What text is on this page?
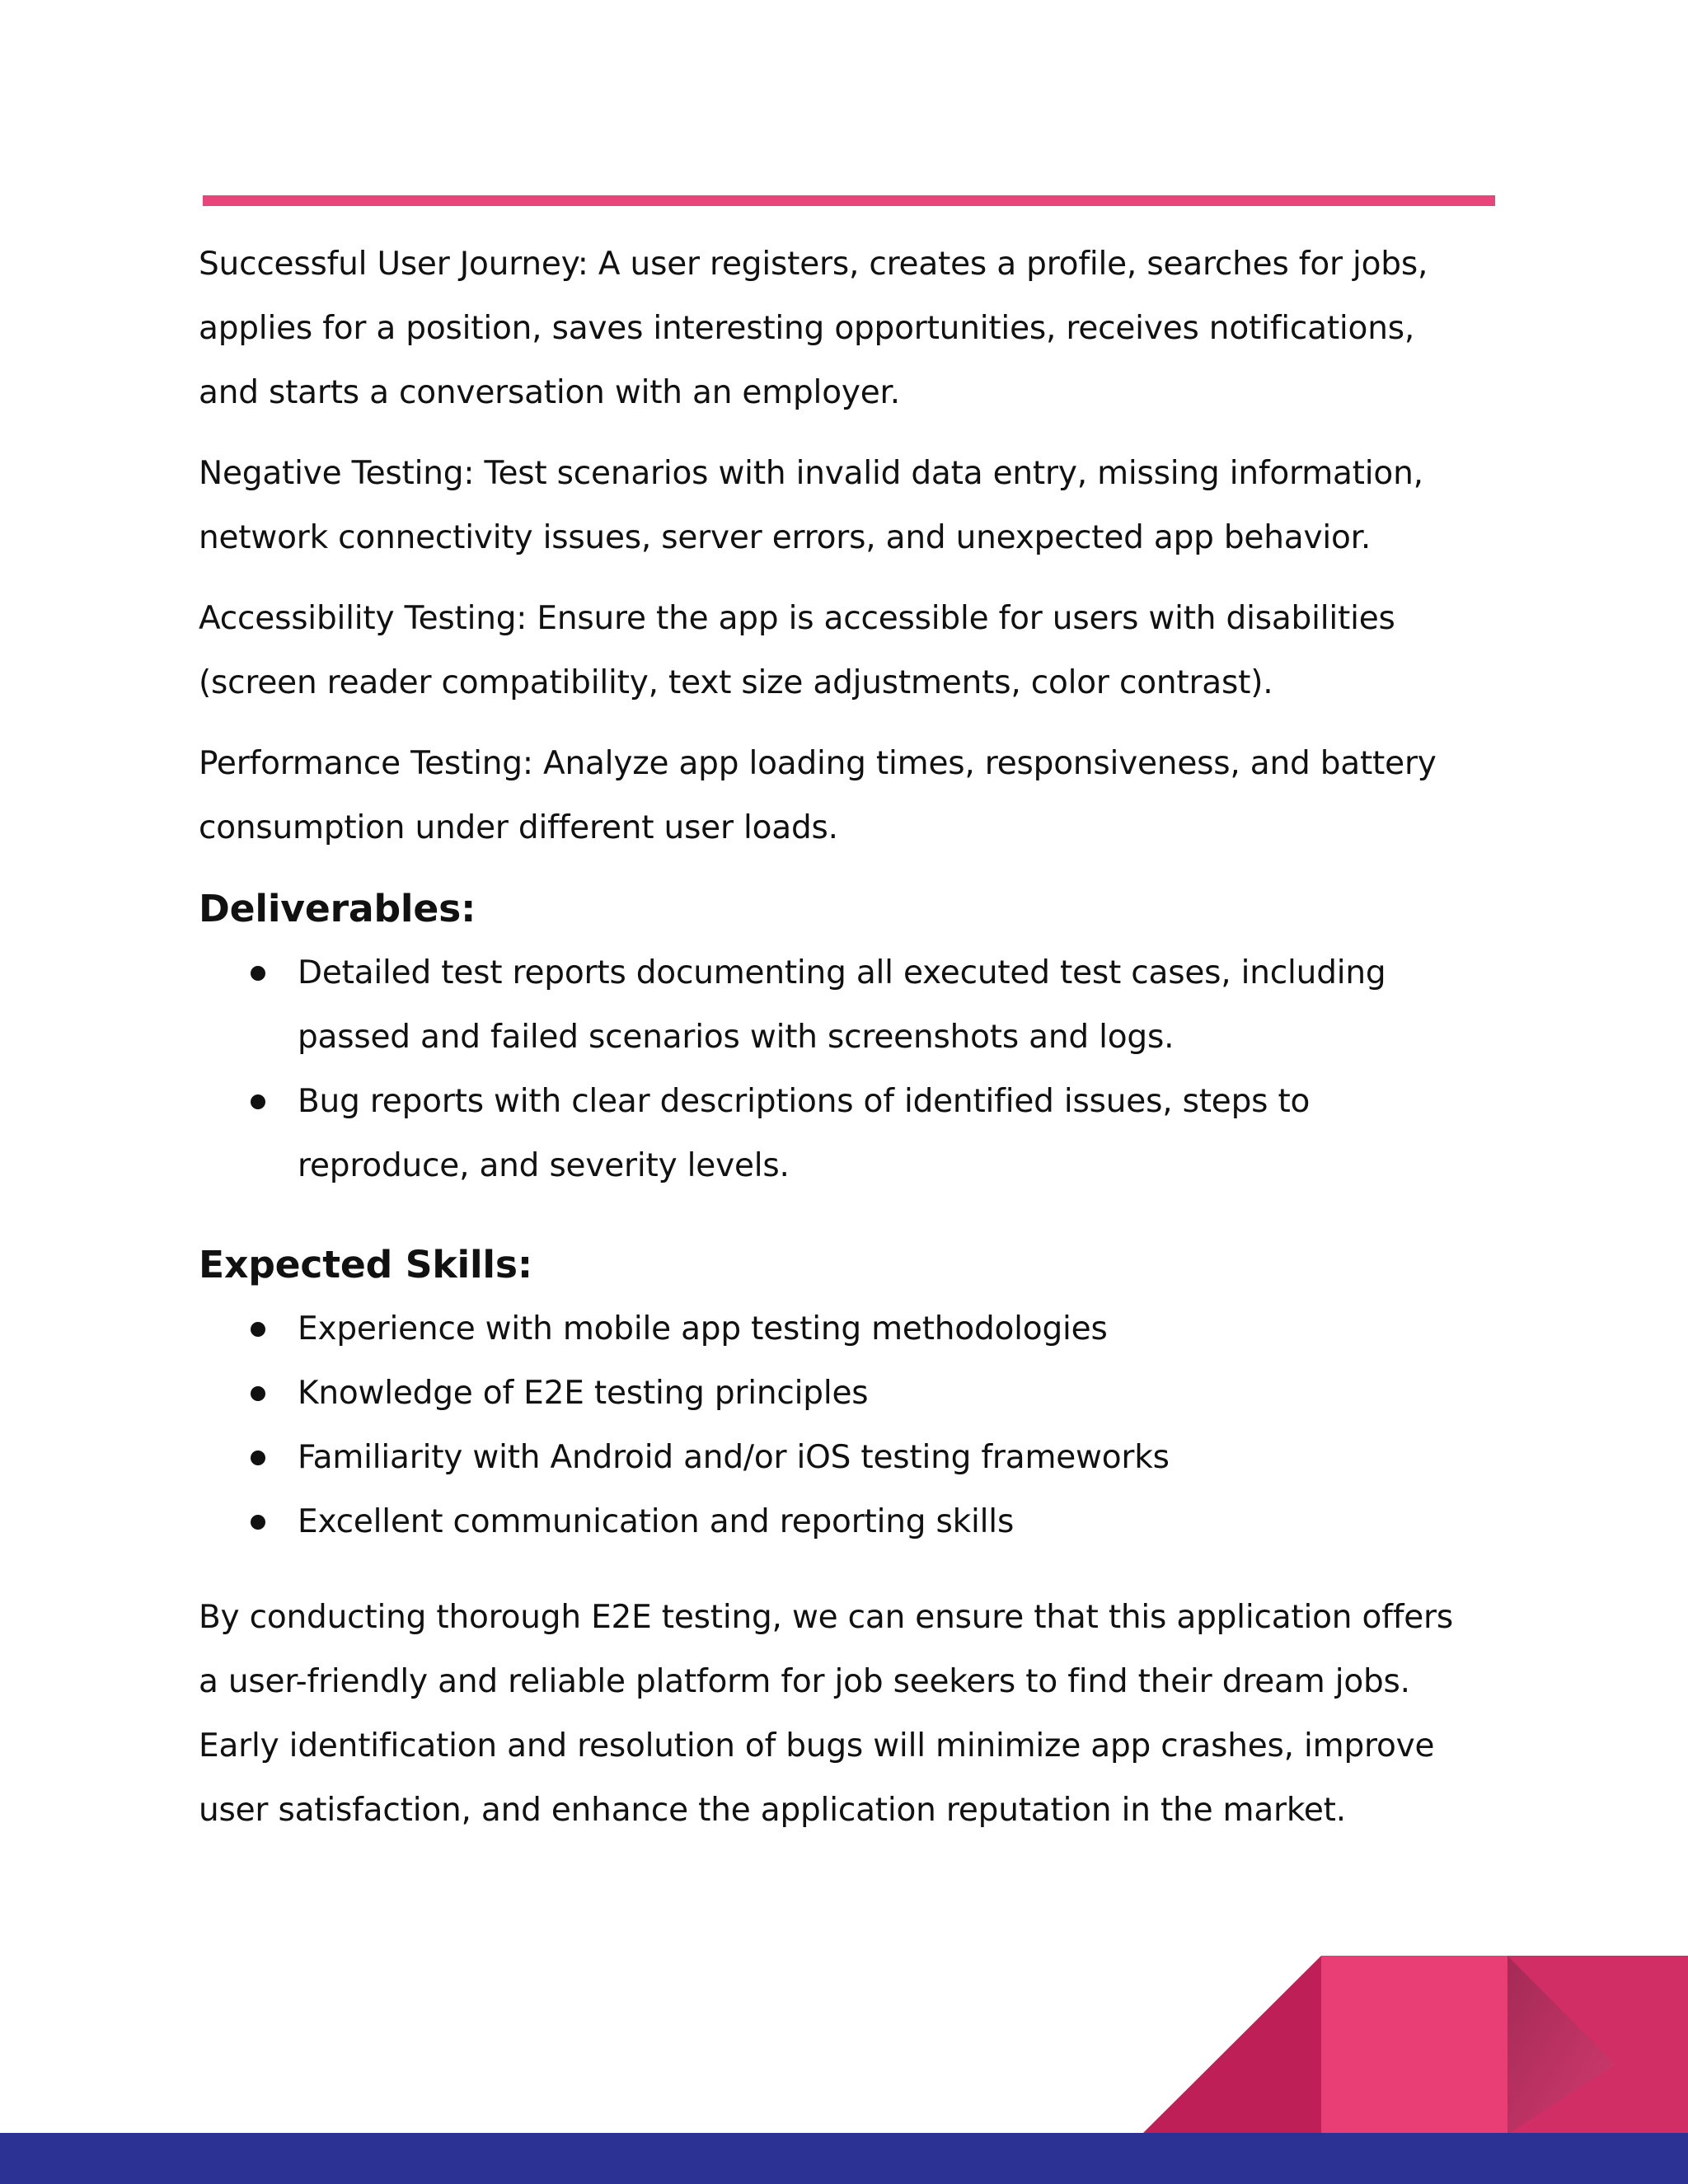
Successful User Journey: A user registers, creates a profile, searches for jobs,
applies for a position, saves interesting opportunities, receives notifications,
and starts a conversation with an employer.

Negative Testing: Test scenarios with invalid data entry, missing information,
network connectivity issues, server errors, and unexpected app behavior.

Accessibility Testing: Ensure the app is accessible for users with disabilities
(screen reader compatibility, text size adjustments, color contrast).

Performance Testing: Analyze app loading times, responsiveness, and battery
consumption under different user loads.

Deliverables:
Detailed test reports documenting all executed test cases, including
passed and failed scenarios with screenshots and logs.
Bug reports with clear descriptions of identified issues, steps to
reproduce, and severity levels.
Expected Skills:
Experience with mobile app testing methodologies
Knowledge of E2E testing principles
Familiarity with Android and/or iOS testing frameworks
Excellent communication and reporting skills

By conducting thorough E2E testing, we can ensure that this application offers
a user-friendly and reliable platform for job seekers to find their dream jobs.
Early identification and resolution of bugs will minimize app crashes, improve
user satisfaction, and enhance the application reputation in the market.
